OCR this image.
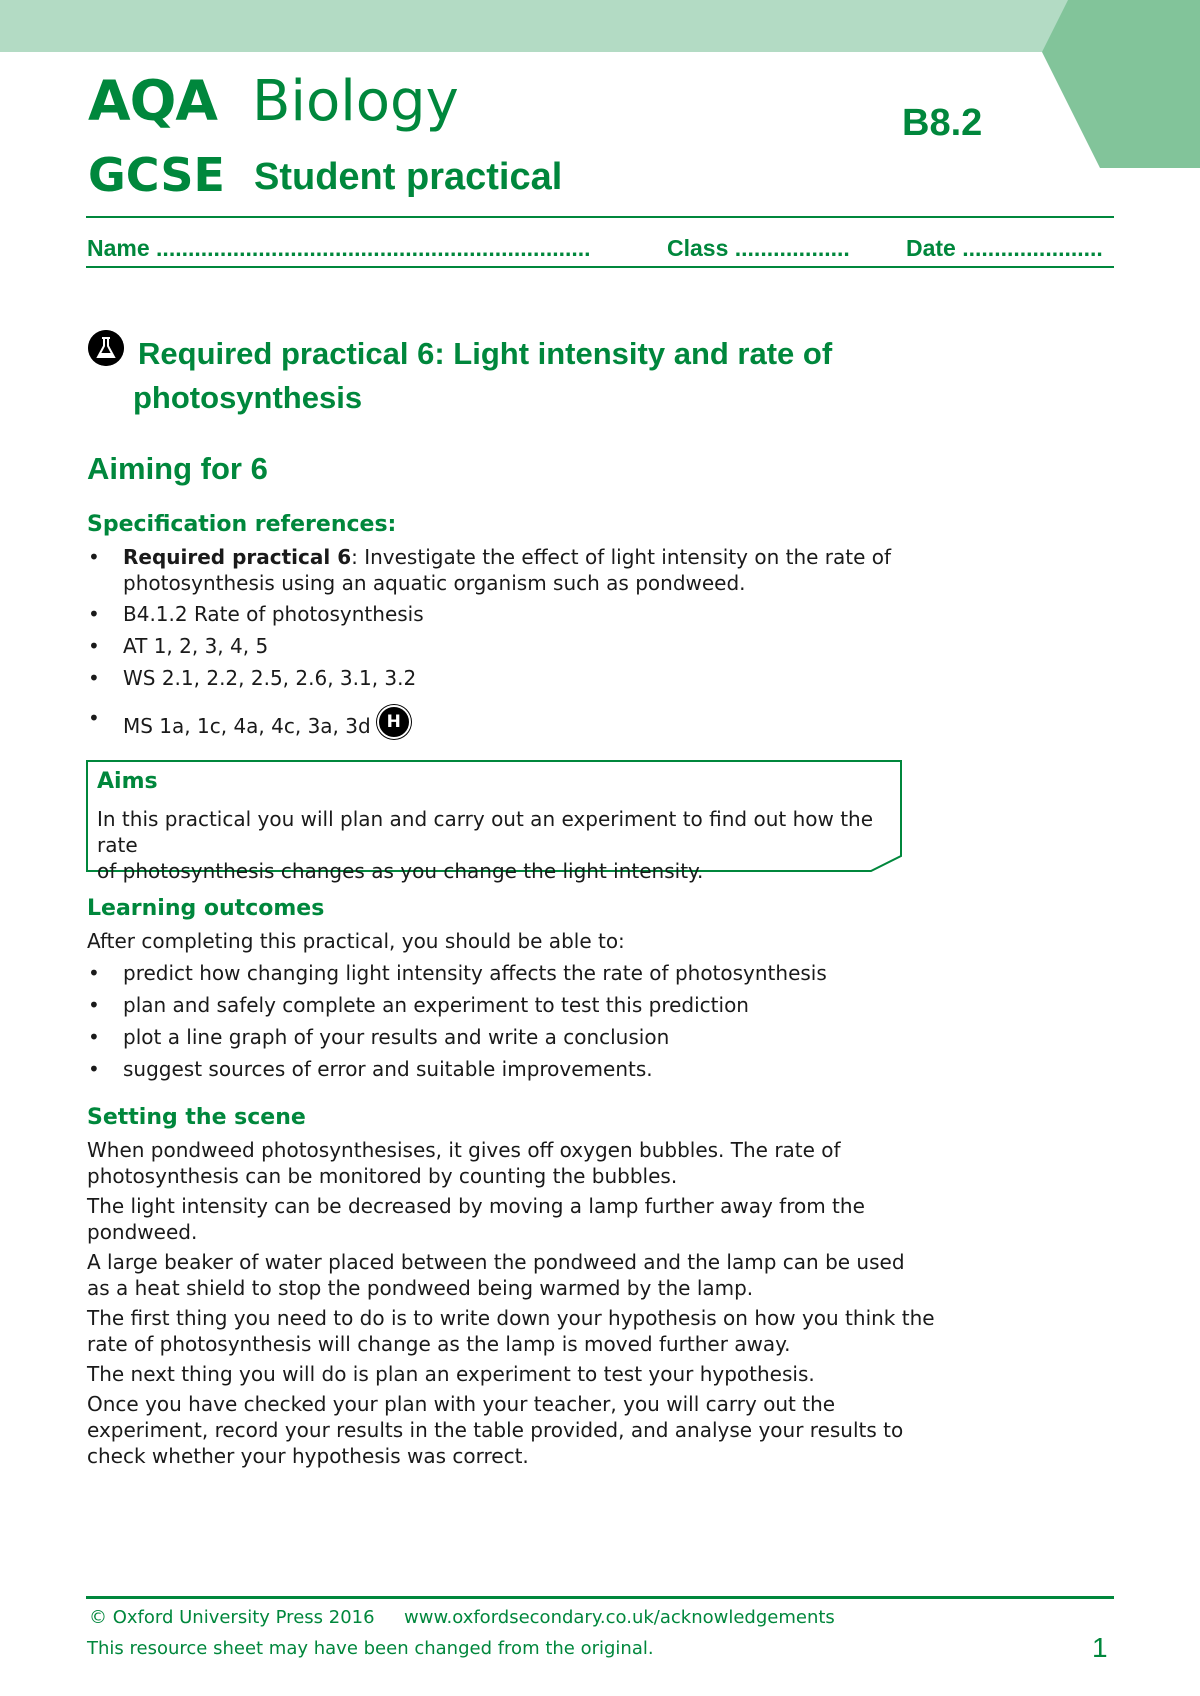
AQA Biology
GCSE Student practical
B8.2
Name ....................................................................	Class .................. Date ......................
Required practical 6: Light intensity and rate of
photosynthesis
Aiming for 6
Specification references:
• Required practical 6: Investigate the effect of light intensity on the rate of
photosynthesis using an aquatic organism such as pondweed.
• B4.1.2 Rate of photosynthesis
• AT 1, 2, 3, 4, 5
• WS 2.1, 2.2, 2.5, 2.6, 3.1, 3.2
• MS 1a, 1c, 4a, 4c, 3a, 3d H
Aims
In this practical you will plan and carry out an experiment to find out how the rate
of photosynthesis changes as you change the light intensity.
Learning outcomes
After completing this practical, you should be able to:
• predict how changing light intensity affects the rate of photosynthesis
• plan and safely complete an experiment to test this prediction
• plot a line graph of your results and write a conclusion
• suggest sources of error and suitable improvements.
Setting the scene
When pondweed photosynthesises, it gives off oxygen bubbles. The rate of
photosynthesis can be monitored by counting the bubbles.
The light intensity can be decreased by moving a lamp further away from the
pondweed.
A large beaker of water placed between the pondweed and the lamp can be used
as a heat shield to stop the pondweed being warmed by the lamp.
The first thing you need to do is to write down your hypothesis on how you think the
rate of photosynthesis will change as the lamp is moved further away.
The next thing you will do is plan an experiment to test your hypothesis.
Once you have checked your plan with your teacher, you will carry out the
experiment, record your results in the table provided, and analyse your results to
check whether your hypothesis was correct.
© Oxford University Press 2016 www.oxfordsecondary.co.uk/acknowledgements
This resource sheet may have been changed from the original.	1
